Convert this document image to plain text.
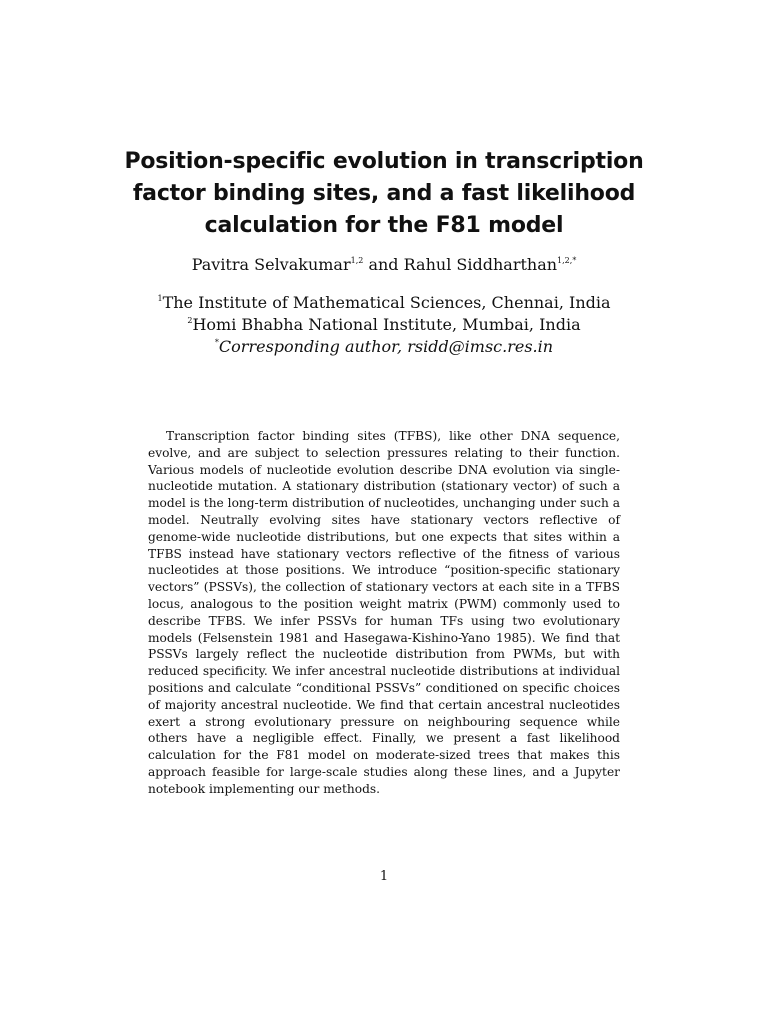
Position-specific evolution in transcription
factor binding sites, and a fast likelihood
calculation for the F81 model
Pavitra Selvakumar$^{1,2}$ and Rahul Siddharthan$^{1,2,*}$
$^1$The Institute of Mathematical Sciences, Chennai, India
$^2$Homi Bhabha National Institute, Mumbai, India
*Corresponding author, rsidd@imsc.res.in

Transcription factor binding sites (TFBS), like other DNA sequence, evolve, and are subject to selection pressures relating to their function. Various models of nucleotide evolution describe DNA evolution via single-nucleotide mutation. A stationary distribution (stationary vector) of such a model is the long-term distribution of nucleotides, unchanging under such a model. Neutrally evolving sites have stationary vectors reflective of genome-wide nucleotide distributions, but one expects that sites within a TFBS instead have stationary vectors reflective of the fitness of various nucleotides at those positions. We introduce “position-specific stationary vectors” (PSSVs), the collection of stationary vectors at each site in a TFBS locus, analogous to the position weight matrix (PWM) commonly used to describe TFBS. We infer PSSVs for human TFs using two evolutionary models (Felsenstein 1981 and Hasegawa-Kishino-Yano 1985). We find that PSSVs largely reflect the nucleotide distribution from PWMs, but with reduced specificity. We infer ancestral nucleotide distributions at individual positions and calculate “conditional PSSVs” conditioned on specific choices of majority ancestral nucleotide. We find that certain ancestral nucleotides exert a strong evolutionary pressure on neighbouring sequence while others have a negligible effect. Finally, we present a fast likelihood calculation for the F81 model on moderate-sized trees that makes this approach feasible for large-scale studies along these lines, and a Jupyter notebook implementing our methods.

1
